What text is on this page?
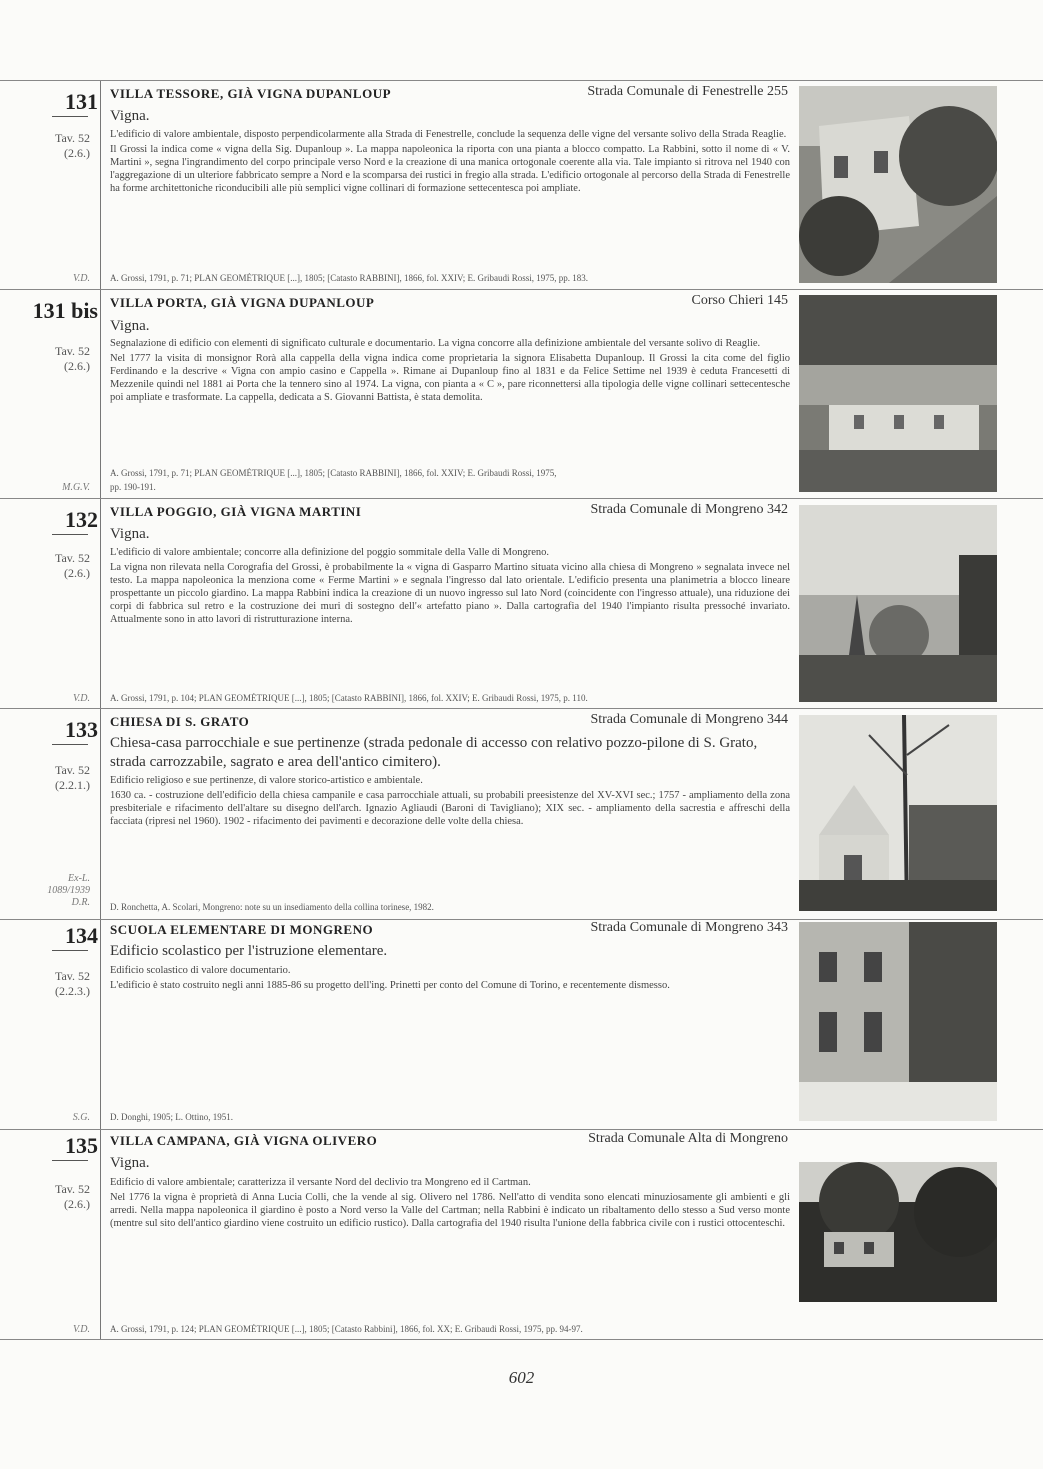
131
Tav. 52
(2.6.)
V.D.
VILLA TESSORE, GIÀ VIGNA DUPANLOUP	Strada Comunale di Fenestrelle 255
Vigna.

L'edificio di valore ambientale, disposto perpendicolarmente alla Strada di Fenestrelle, conclude la sequenza delle vigne del versante solivo della Strada Reaglie.

Il Grossi la indica come « vigna della Sig. Dupanloup ». La mappa napoleonica la riporta con una pianta a blocco compatto. La Rabbini, sotto il nome di « V. Martini », segna l'ingrandimento del corpo principale verso Nord e la creazione di una manica ortogonale coerente alla via. Tale impianto si ritrova nel 1940 con l'aggregazione di un ulteriore fabbricato sempre a Nord e la scomparsa dei rustici in fregio alla strada. L'edificio ortogonale al percorso della Strada di Fenestrelle ha forme architettoniche riconducibili alle più semplici vigne collinari di formazione settecentesca poi ampliate.

A. Grossi, 1791, p. 71; PLAN GEOMÉTRIQUE [...], 1805; [Catasto RABBINI], 1866, fol. XXIV; E. Gribaudi Rossi, 1975, pp. 183.
131 bis
Tav. 52
(2.6.)
M.G.V.
VILLA PORTA, GIÀ VIGNA DUPANLOUP	Corso Chieri 145
Vigna.

Segnalazione di edificio con elementi di significato culturale e documentario. La vigna concorre alla definizione ambientale del versante solivo di Reaglie.

Nel 1777 la visita di monsignor Rorà alla cappella della vigna indica come proprietaria la signora Elisabetta Dupanloup. Il Grossi la cita come del figlio Ferdinando e la descrive « Vigna con ampio casino e Cappella ». Rimane ai Dupanloup fino al 1831 e da Felice Settime nel 1939 è ceduta Francesetti di Mezzenile quindi nel 1881 ai Porta che la tennero sino al 1974. La vigna, con pianta a « C », pare riconnettersi alla tipologia delle vigne collinari settecentesche poi ampliate e trasformate. La cappella, dedicata a S. Giovanni Battista, è stata demolita.

A. Grossi, 1791, p. 71; PLAN GEOMÉTRIQUE [...], 1805; [Catasto RABBINI], 1866, fol. XXIV; E. Gribaudi Rossi, 1975,
pp. 190-191.
132
Tav. 52
(2.6.)
V.D.
VILLA POGGIO, GIÀ VIGNA MARTINI	Strada Comunale di Mongreno 342
Vigna.

L'edificio di valore ambientale; concorre alla definizione del poggio sommitale della Valle di Mongreno.

La vigna non rilevata nella Corografia del Grossi, è probabilmente la « vigna di Gasparro Martino situata vicino alla chiesa di Mongreno » segnalata invece nel testo. La mappa napoleonica la menziona come « Ferme Martini » e segnala l'ingresso dal lato orientale. L'edificio presenta una planimetria a blocco lineare prospettante un piccolo giardino. La mappa Rabbini indica la creazione di un nuovo ingresso sul lato Nord (coincidente con l'ingresso attuale), una riduzione dei corpi di fabbrica sul retro e la costruzione dei muri di sostegno dell'« artefatto piano ». Dalla cartografia del 1940 l'impianto risulta pressoché invariato. Attualmente sono in atto lavori di ristrutturazione interna.

A. Grossi, 1791, p. 104; PLAN GEOMÉTRIQUE [...], 1805; [Catasto RABBINI], 1866, fol. XXIV; E. Gribaudi Rossi, 1975, p. 110.
133
Tav. 52
(2.2.1.)
Ex-L.
1089/1939
D.R.
CHIESA DI S. GRATO	Strada Comunale di Mongreno 344
Chiesa-casa parrocchiale e sue pertinenze (strada pedonale di accesso con relativo pozzo-pilone di S. Grato, strada carrozzabile, sagrato e area dell'antico cimitero).

Edificio religioso e sue pertinenze, di valore storico-artistico e ambientale.

1630 ca. - costruzione dell'edificio della chiesa campanile e casa parrocchiale attuali, su probabili preesistenze del XV-XVI sec.; 1757 - ampliamento della zona presbiteriale e rifacimento dell'altare su disegno dell'arch. Ignazio Agliaudi (Baroni di Tavigliano); XIX sec. - ampliamento della sacrestia e affreschi della facciata (ripresi nel 1960). 1902 - rifacimento dei pavimenti e decorazione delle volte della chiesa.

D. Ronchetta, A. Scolari, Mongreno: note su un insediamento della collina torinese, 1982.
134
Tav. 52
(2.2.3.)
S.G.
SCUOLA ELEMENTARE DI MONGRENO	Strada Comunale di Mongreno 343
Edificio scolastico per l'istruzione elementare.

Edificio scolastico di valore documentario.

L'edificio è stato costruito negli anni 1885-86 su progetto dell'ing. Prinetti per conto del Comune di Torino, e recentemente dismesso.

D. Donghi, 1905; L. Ottino, 1951.
135
Tav. 52
(2.6.)
V.D.
VILLA CAMPANA, GIÀ VIGNA OLIVERO	Strada Comunale Alta di Mongreno
Vigna.

Edificio di valore ambientale; caratterizza il versante Nord del declivio tra Mongreno ed il Cartman.

Nel 1776 la vigna è proprietà di Anna Lucia Colli, che la vende al sig. Olivero nel 1786. Nell'atto di vendita sono elencati minuziosamente gli ambienti e gli arredi. Nella mappa napoleonica il giardino è posto a Nord verso la Valle del Cartman; nella Rabbini è indicato un ribaltamento dello stesso a Sud verso monte (mentre sul sito dell'antico giardino viene costruito un edificio rustico). Dalla cartografia del 1940 risulta l'unione della fabbrica civile con i rustici ottocenteschi.

A. Grossi, 1791, p. 124; PLAN GEOMÉTRIQUE [...], 1805; [Catasto Rabbini], 1866, fol. XX; E. Gribaudi Rossi, 1975, pp. 94-97.
602
